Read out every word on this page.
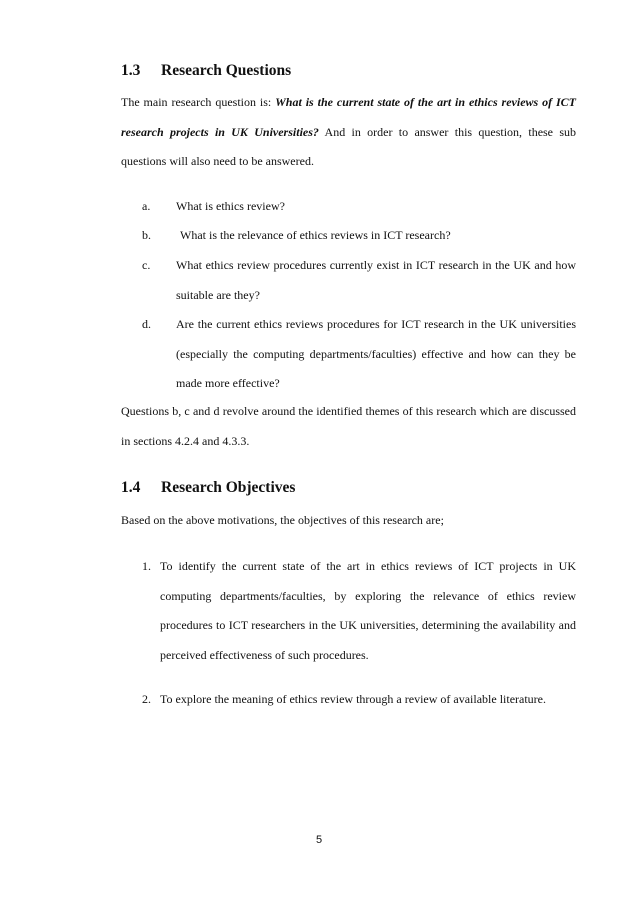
1.3 Research Questions

The main research question is: What is the current state of the art in ethics reviews of ICT research projects in UK Universities? And in order to answer this question, these sub questions will also need to be answered.

a. What is ethics review?
b. What is the relevance of ethics reviews in ICT research?
c. What ethics review procedures currently exist in ICT research in the UK and how suitable are they?
d. Are the current ethics reviews procedures for ICT research in the UK universities (especially the computing departments/faculties) effective and how can they be made more effective?

Questions b, c and d revolve around the identified themes of this research which are discussed in sections 4.2.4 and 4.3.3.

1.4 Research Objectives

Based on the above motivations, the objectives of this research are;

1. To identify the current state of the art in ethics reviews of ICT projects in UK computing departments/faculties, by exploring the relevance of ethics review procedures to ICT researchers in the UK universities, determining the availability and perceived effectiveness of such procedures.
2. To explore the meaning of ethics review through a review of available literature.
5
